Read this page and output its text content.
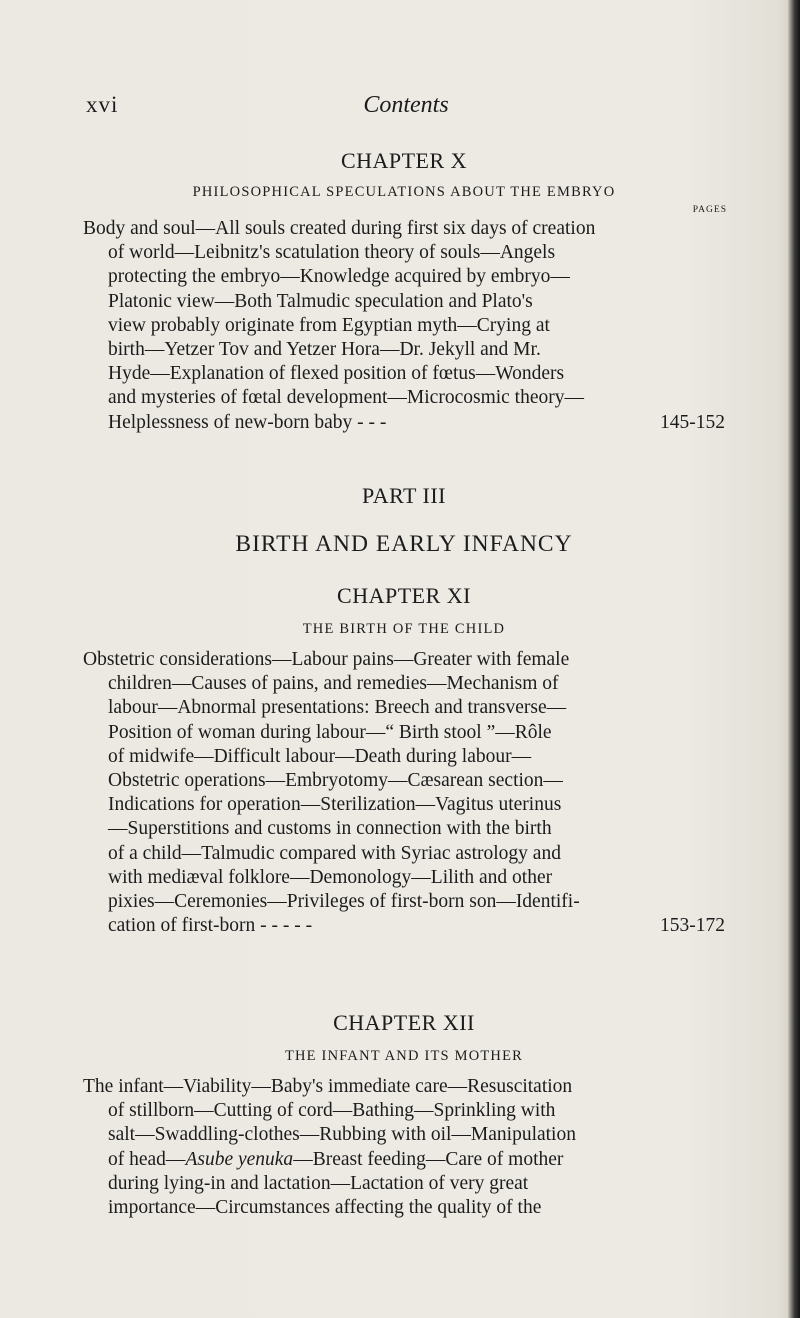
xvi	Contents
CHAPTER X
PHILOSOPHICAL SPECULATIONS ABOUT THE EMBRYO
PAGES
Body and soul—All souls created during first six days of creation
of world—Leibnitz's scatulation theory of souls—Angels
protecting the embryo—Knowledge acquired by embryo—
Platonic view—Both Talmudic speculation and Plato's
view probably originate from Egyptian myth—Crying at
birth—Yetzer Tov and Yetzer Hora—Dr. Jekyll and Mr.
Hyde—Explanation of flexed position of fœtus—Wonders
and mysteries of fœtal development—Microcosmic theory—
Helplessness of new-born baby - - -	145-152
PART III
BIRTH AND EARLY INFANCY
CHAPTER XI
THE BIRTH OF THE CHILD
Obstetric considerations—Labour pains—Greater with female
children—Causes of pains, and remedies—Mechanism of
labour—Abnormal presentations: Breech and transverse—
Position of woman during labour—“ Birth stool ”—Rôle
of midwife—Difficult labour—Death during labour—
Obstetric operations—Embryotomy—Cæsarean section—
Indications for operation—Sterilization—Vagitus uterinus
—Superstitions and customs in connection with the birth
of a child—Talmudic compared with Syriac astrology and
with mediæval folklore—Demonology—Lilith and other
pixies—Ceremonies—Privileges of first-born son—Identifi-
cation of first-born - - - - -	153-172
CHAPTER XII
THE INFANT AND ITS MOTHER
The infant—Viability—Baby's immediate care—Resuscitation
of stillborn—Cutting of cord—Bathing—Sprinkling with
salt—Swaddling-clothes—Rubbing with oil—Manipulation
of head—Asube yenuka—Breast feeding—Care of mother
during lying-in and lactation—Lactation of very great
importance—Circumstances affecting the quality of the
